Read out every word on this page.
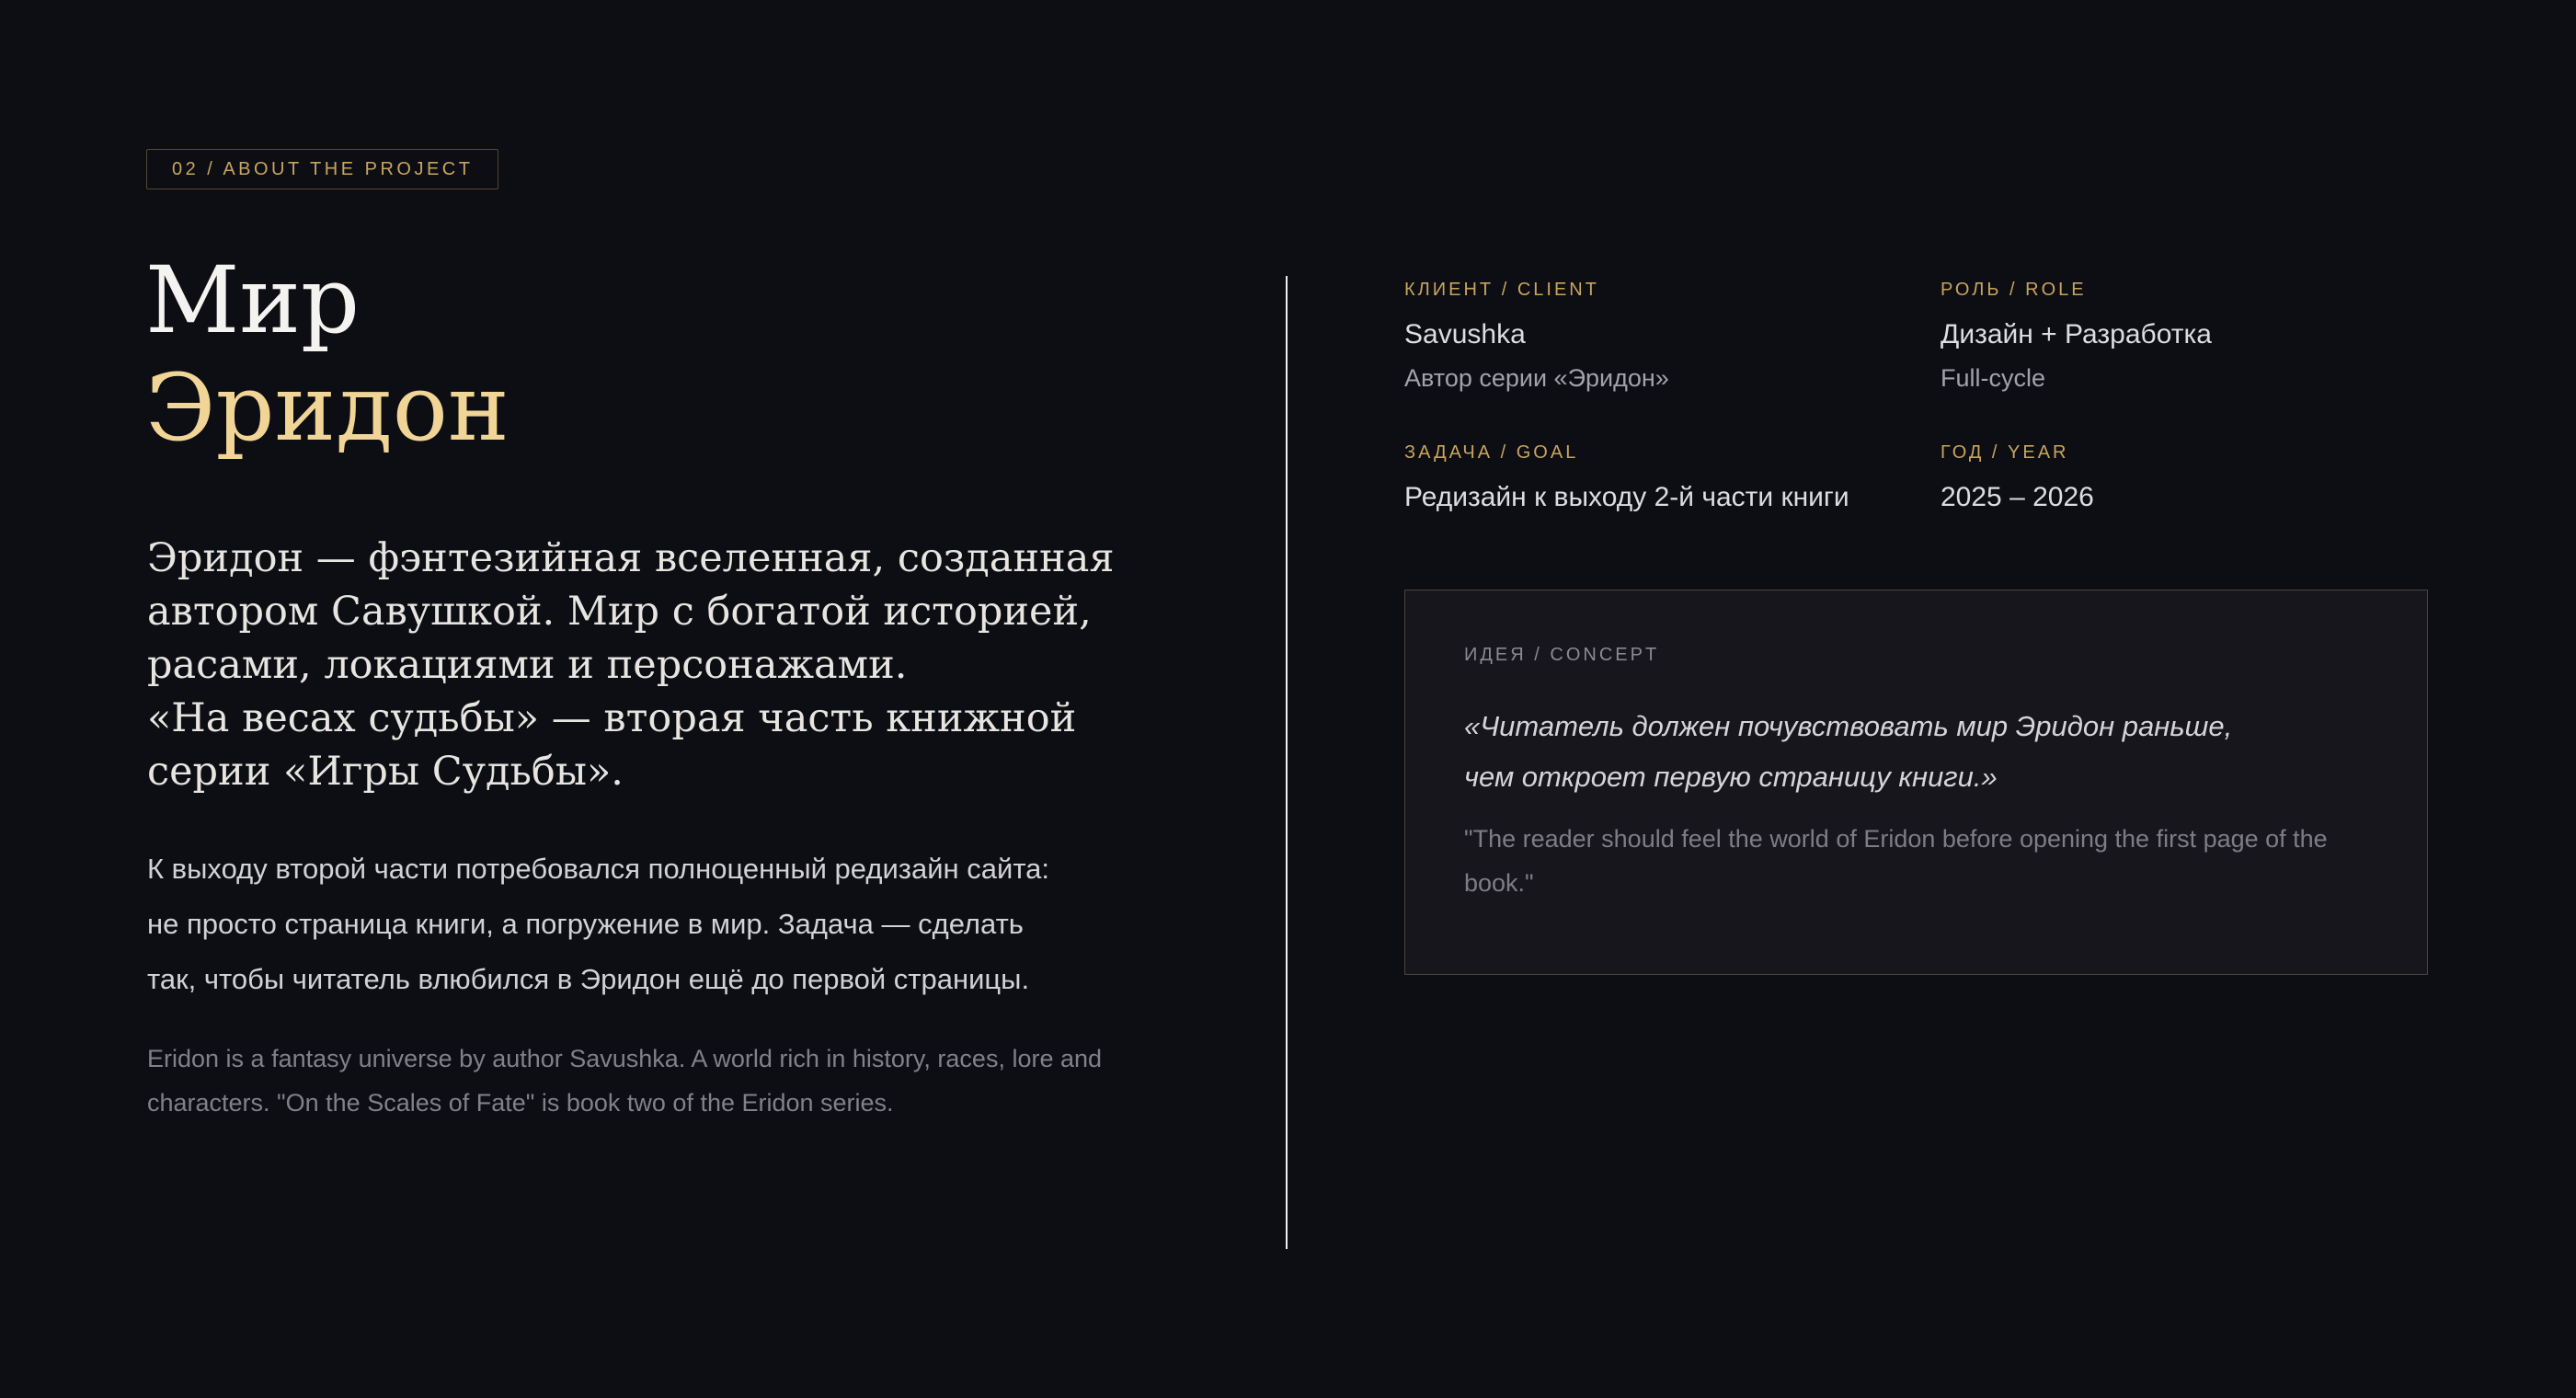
02 / ABOUT THE PROJECT
Мир
Эридон
Эридон — фэнтезийная вселенная, созданная
автором Савушкой. Мир с богатой историей,
расами, локациями и персонажами.
«На весах судьбы» — вторая часть книжной
серии «Игры Судьбы».
К выходу второй части потребовался полноценный редизайн сайта:
не просто страница книги, а погружение в мир. Задача — сделать
так, чтобы читатель влюбился в Эридон ещё до первой страницы.
Eridon is a fantasy universe by author Savushka. A world rich in history, races, lore and
characters. "On the Scales of Fate" is book two of the Eridon series.
КЛИЕНТ / CLIENT
Savushka
Автор серии «Эридон»
РОЛЬ / ROLE
Дизайн + Разработка
Full-cycle
ЗАДАЧА / GOAL
Редизайн к выходу 2-й части книги
ГОД / YEAR
2025 – 2026
ИДЕЯ / CONCEPT
«Читатель должен почувствовать мир Эридон раньше,
чем откроет первую страницу книги.»
"The reader should feel the world of Eridon before opening the first page of the
book."
